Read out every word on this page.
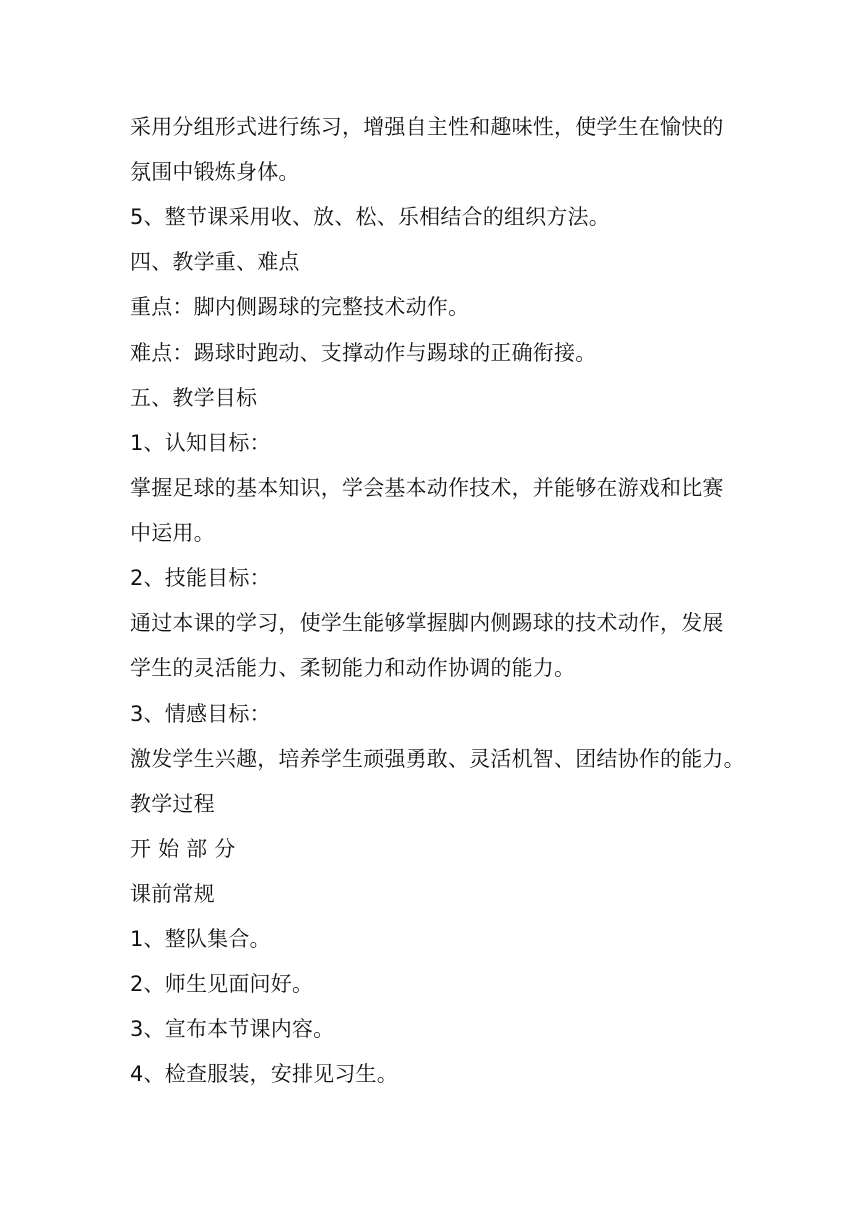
采用分组形式进行练习，增强自主性和趣味性，使学生在愉快的
氛围中锻炼身体。
5、整节课采用收、放、松、乐相结合的组织方法。
四、教学重、难点
重点：脚内侧踢球的完整技术动作。
难点：踢球时跑动、支撑动作与踢球的正确衔接。
五、教学目标
1、认知目标：
掌握足球的基本知识，学会基本动作技术，并能够在游戏和比赛
中运用。
2、技能目标：
通过本课的学习，使学生能够掌握脚内侧踢球的技术动作，发展
学生的灵活能力、柔韧能力和动作协调的能力。
3、情感目标：
激发学生兴趣，培养学生顽强勇敢、灵活机智、团结协作的能力。
教学过程
开 始 部 分
课前常规
1、整队集合。
2、师生见面问好。
3、宣布本节课内容。
4、检查服装，安排见习生。
